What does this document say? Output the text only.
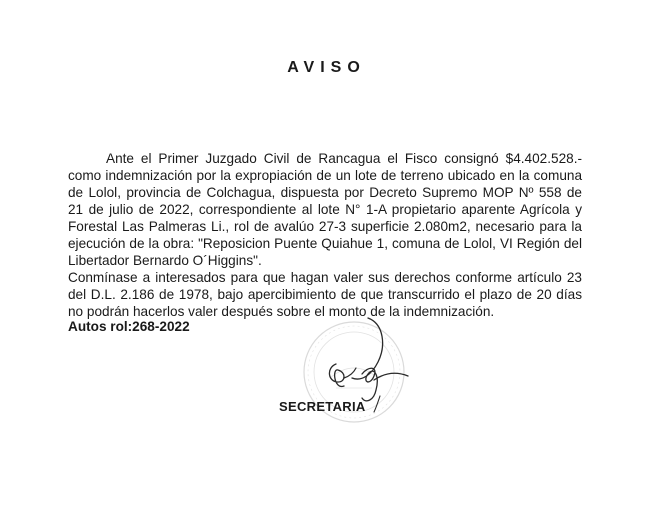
AVISO

Ante el Primer Juzgado Civil de Rancagua el Fisco consignó $4.402.528.- como indemnización por la expropiación de un lote de terreno ubicado en la comuna de Lolol, provincia de Colchagua, dispuesta por Decreto Supremo MOP Nº 558 de 21 de julio de 2022, correspondiente al lote N° 1-A propietario aparente Agrícola y Forestal Las Palmeras Li., rol de avalúo 27-3 superficie 2.080m2, necesario para la ejecución de la obra: "Reposicion Puente Quiahue 1, comuna de Lolol, VI Región del Libertador Bernardo O´Higgins".

Conmínase a interesados para que hagan valer sus derechos conforme artículo 23 del D.L. 2.186 de 1978, bajo apercibimiento de que transcurrido el plazo de 20 días no podrán hacerlos valer después sobre el monto de la indemnización.

Autos rol:268-2022
SECRETARIA
